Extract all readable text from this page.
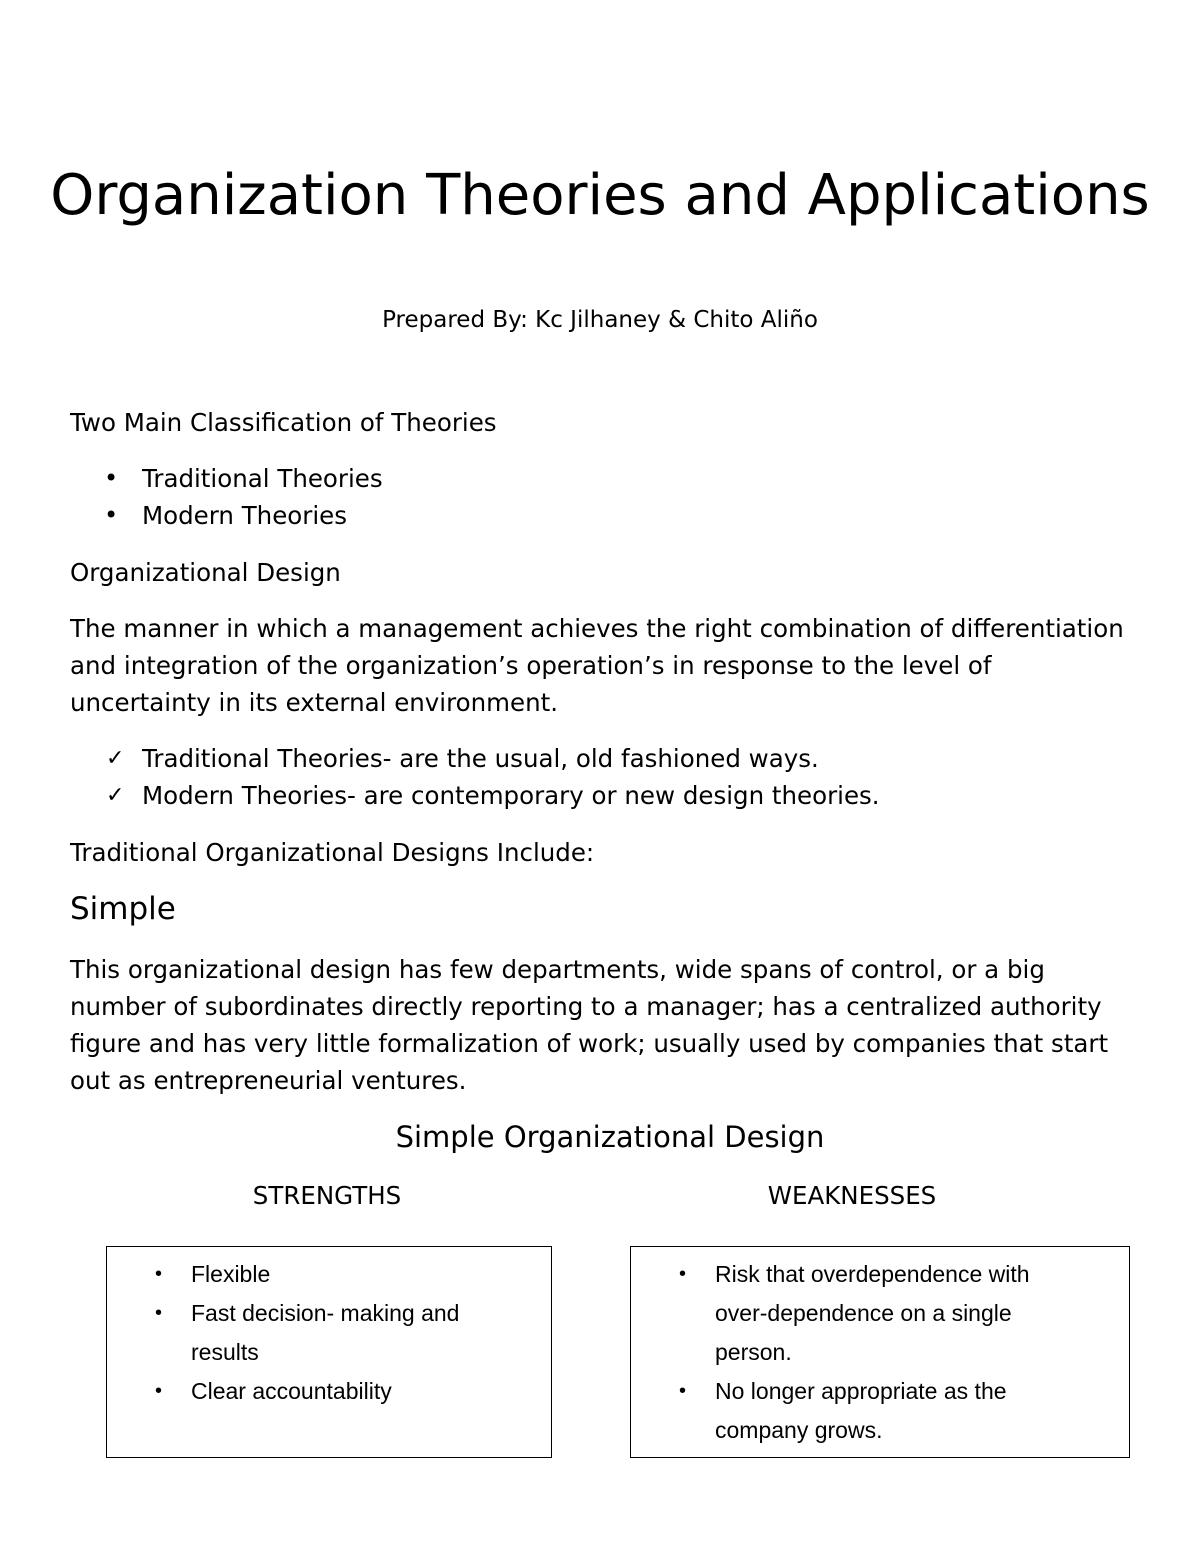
Organization Theories and Applications
Prepared By: Kc Jilhaney & Chito Aliño

Two Main Classification of Theories

• Traditional Theories
• Modern Theories

Organizational Design

The manner in which a management achieves the right combination of differentiation and integration of the organization’s operation’s in response to the level of uncertainty in its external environment.

✓ Traditional Theories- are the usual, old fashioned ways.
✓ Modern Theories- are contemporary or new design theories.

Traditional Organizational Designs Include:

Simple

This organizational design has few departments, wide spans of control, or a big number of subordinates directly reporting to a manager; has a centralized authority figure and has very little formalization of work; usually used by companies that start out as entrepreneurial ventures.

Simple Organizational Design
STRENGTHS	WEAKNESSES
• Flexible
• Fast decision- making and results
• Clear accountability
• Risk that overdependence with over-dependence on a single person.
• No longer appropriate as the company grows.
